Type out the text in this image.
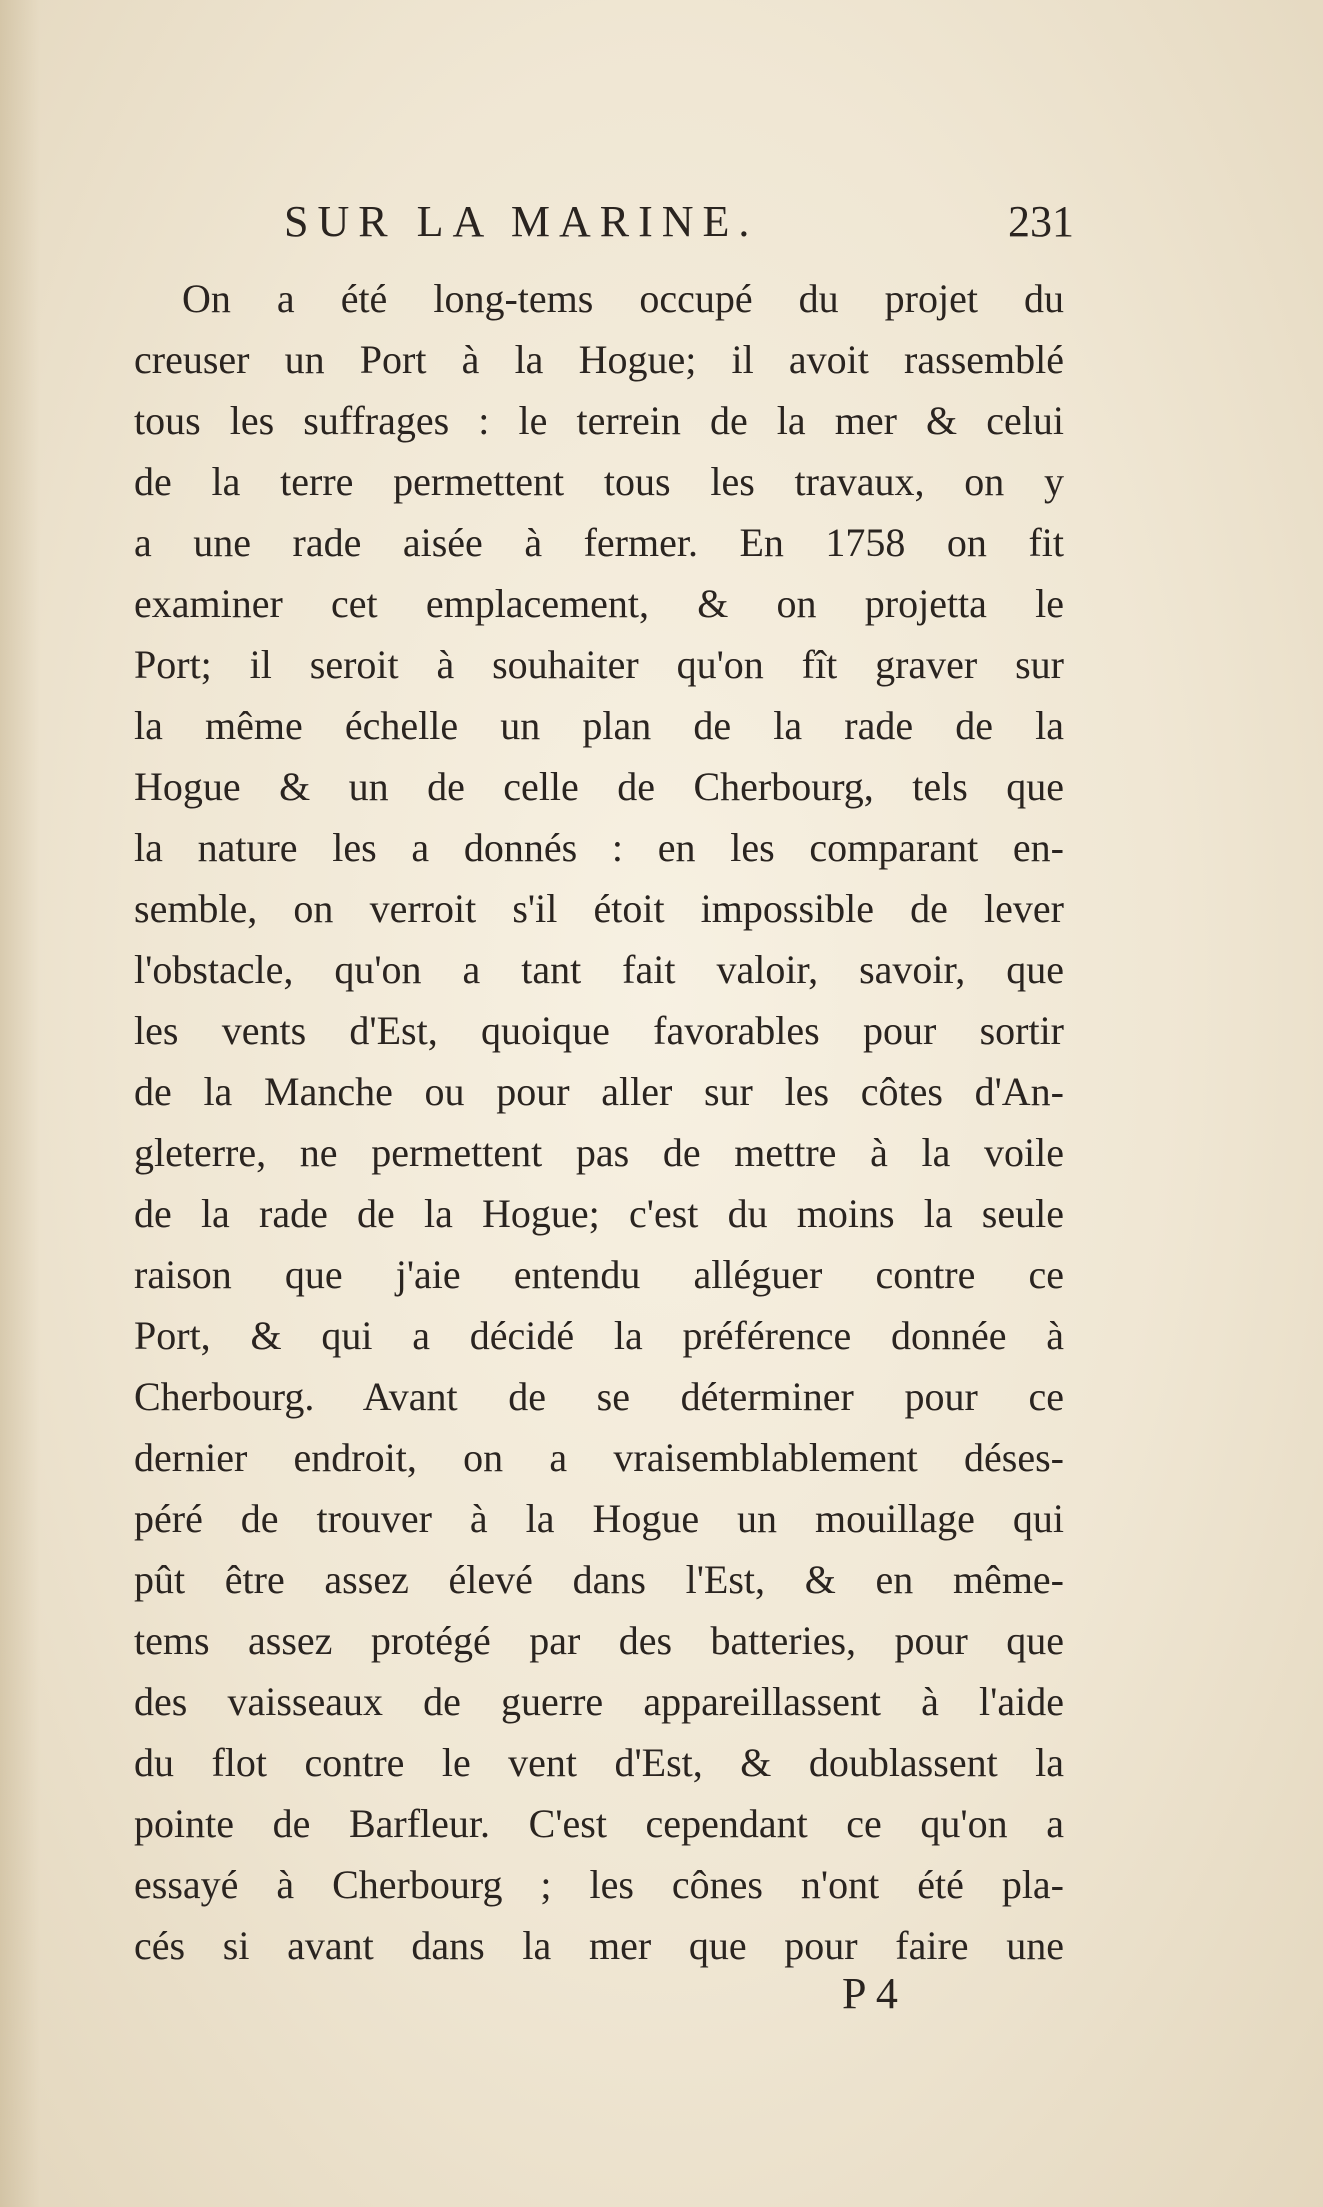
SUR LA MARINE.	231
On a été long-tems occupé du projet du
creuser un Port à la Hogue; il avoit rassemblé
tous les suffrages : le terrein de la mer & celui
de la terre permettent tous les travaux, on y
a une rade aisée à fermer. En 1758 on fit
examiner cet emplacement, & on projetta le
Port; il seroit à souhaiter qu'on fît graver sur
la même échelle un plan de la rade de la
Hogue & un de celle de Cherbourg, tels que
la nature les a donnés : en les comparant en-
semble, on verroit s'il étoit impossible de lever
l'obstacle, qu'on a tant fait valoir, savoir, que
les vents d'Est, quoique favorables pour sortir
de la Manche ou pour aller sur les côtes d'An-
gleterre, ne permettent pas de mettre à la voile
de la rade de la Hogue; c'est du moins la seule
raison que j'aie entendu alléguer contre ce
Port, & qui a décidé la préférence donnée à
Cherbourg. Avant de se déterminer pour ce
dernier endroit, on a vraisemblablement déses-
péré de trouver à la Hogue un mouillage qui
pût être assez élevé dans l'Est, & en même-
tems assez protégé par des batteries, pour que
des vaisseaux de guerre appareillassent à l'aide
du flot contre le vent d'Est, & doublassent la
pointe de Barfleur. C'est cependant ce qu'on a
essayé à Cherbourg ; les cônes n'ont été pla-
cés si avant dans la mer que pour faire une
P 4
